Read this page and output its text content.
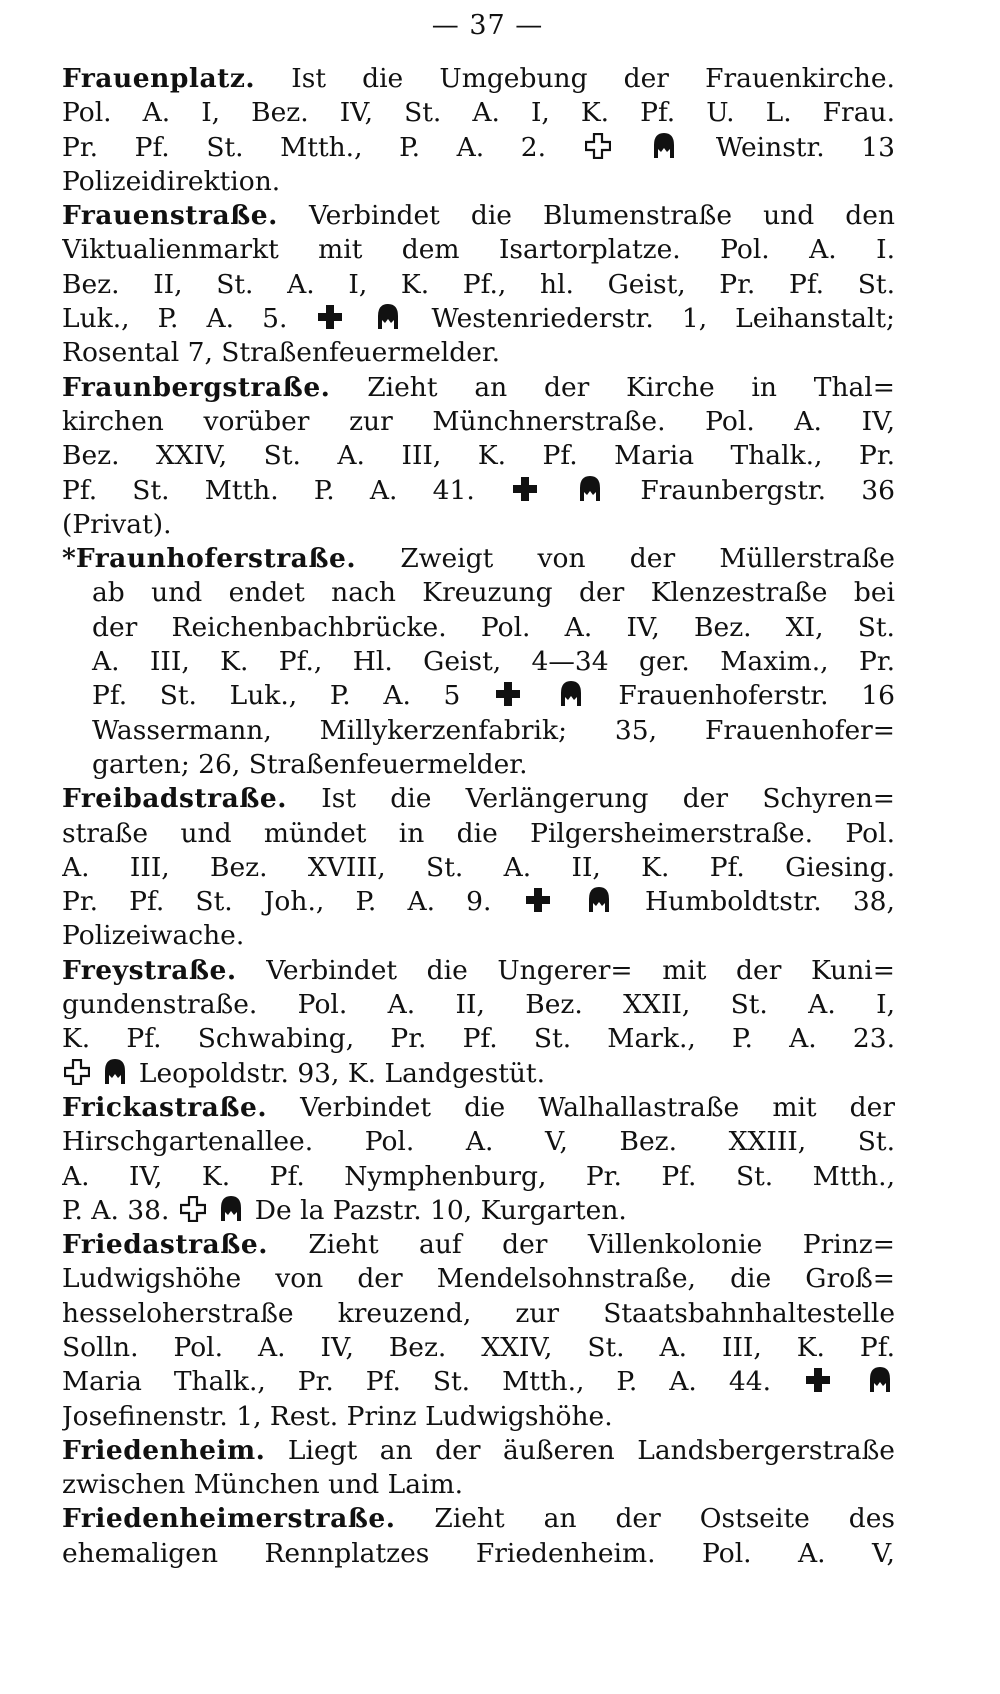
— 37 —
Frauenplatz. Ist die Umgebung der Frauenkirche.
Pol. A. I, Bez. IV, St. A. I, K. Pf. U. L. Frau.
Pr. Pf. St. Mtth., P. A. 2.
	Weinstr. 13
Polizeidirektion.
Frauenstraße. Verbindet die Blumenstraße und den
Viktualienmarkt mit dem Isartorplatze. Pol. A. I.
Bez. II, St. A. I, K. Pf., hl. Geist, Pr. Pf. St.
Luk., P. A. 5.
	Westenriederstr. 1, Leihanstalt;
Rosental 7, Straßenfeuermelder.
Fraunbergstraße. Zieht an der Kirche in Thal=
kirchen vorüber zur Münchnerstraße. Pol. A. IV,
Bez. XXIV, St. A. III, K. Pf. Maria Thalk., Pr.
Pf. St. Mtth. P. A. 41.
	Fraunbergstr. 36
(Privat).
*Fraunhoferstraße. Zweigt von der Müllerstraße
ab und endet nach Kreuzung der Klenzestraße bei
der Reichenbachbrücke. Pol. A. IV, Bez. XI, St.
A. III, K. Pf., Hl. Geist, 4—34 ger. Maxim., Pr.
Pf. St. Luk., P. A. 5
	Frauenhoferstr. 16
Wassermann, Millykerzenfabrik; 35, Frauenhofer=
garten; 26, Straßenfeuermelder.
Freibadstraße. Ist die Verlängerung der Schyren=
straße und mündet in die Pilgersheimerstraße. Pol.
A. III, Bez. XVIII, St. A. II, K. Pf. Giesing.
Pr. Pf. St. Joh., P. A. 9.
	Humboldtstr. 38,
Polizeiwache.
Freystraße. Verbindet die Ungerer= mit der Kuni=
gundenstraße. Pol. A. II, Bez. XXII, St. A. I,
K. Pf. Schwabing, Pr. Pf. St. Mark., P. A. 23.

Leopoldstr. 93, K. Landgestüt.
Frickastraße. Verbindet die Walhallastraße mit der
Hirschgartenallee. Pol. A. V, Bez. XXIII, St.
A. IV, K. Pf. Nymphenburg, Pr. Pf. St. Mtth.,
P. A. 38.
	De la Pazstr. 10, Kurgarten.
Friedastraße. Zieht auf der Villenkolonie Prinz=
Ludwigshöhe von der Mendelsohnstraße, die Groß=
hesseloherstraße kreuzend, zur Staatsbahnhaltestelle
Solln. Pol. A. IV, Bez. XXIV, St. A. III, K. Pf.
Maria Thalk., Pr. Pf. St. Mtth., P. A. 44.

Josefinenstr. 1, Rest. Prinz Ludwigshöhe.
Friedenheim. Liegt an der äußeren Landsbergerstraße
zwischen München und Laim.
Friedenheimerstraße. Zieht an der Ostseite des
ehemaligen Rennplatzes Friedenheim. Pol. A. V,
